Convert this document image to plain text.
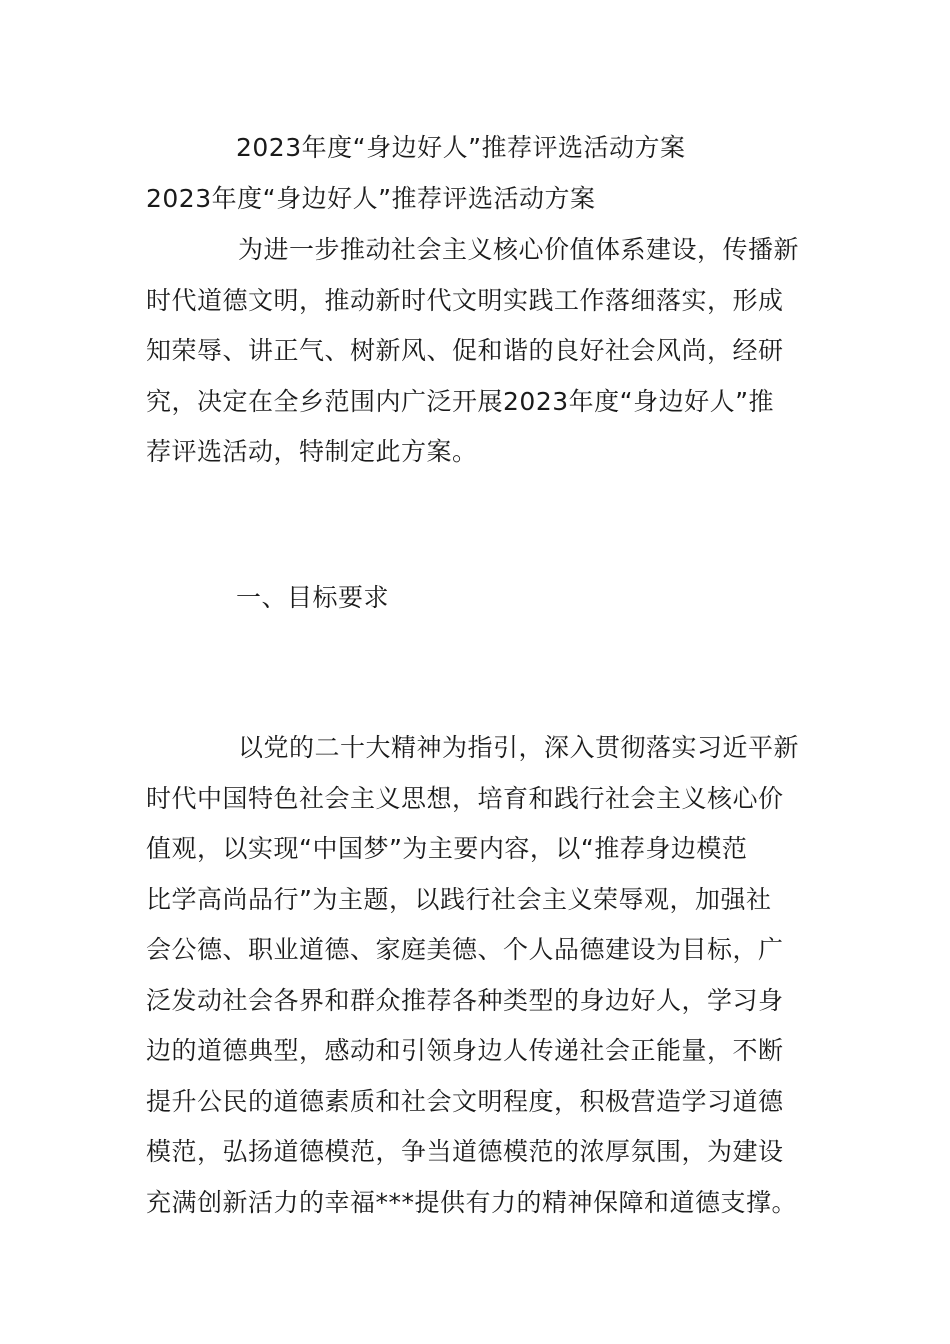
2023年度“身边好人”推荐评选活动方案

2023年度“身边好人”推荐评选活动方案

为进一步推动社会主义核心价值体系建设，传播新
时代道德文明，推动新时代文明实践工作落细落实，形成
知荣辱、讲正气、树新风、促和谐的良好社会风尚，经研
究，决定在全乡范围内广泛开展2023年度“身边好人”推
荐评选活动，特制定此方案。

一、目标要求

以党的二十大精神为指引，深入贯彻落实习近平新
时代中国特色社会主义思想，培育和践行社会主义核心价
值观，以实现“中国梦”为主要内容，以“推荐身边模范
比学高尚品行”为主题，以践行社会主义荣辱观，加强社
会公德、职业道德、家庭美德、个人品德建设为目标，广
泛发动社会各界和群众推荐各种类型的身边好人，学习身
边的道德典型，感动和引领身边人传递社会正能量，不断
提升公民的道德素质和社会文明程度，积极营造学习道德
模范，弘扬道德模范，争当道德模范的浓厚氛围，为建设
充满创新活力的幸福***提供有力的精神保障和道德支撑。
